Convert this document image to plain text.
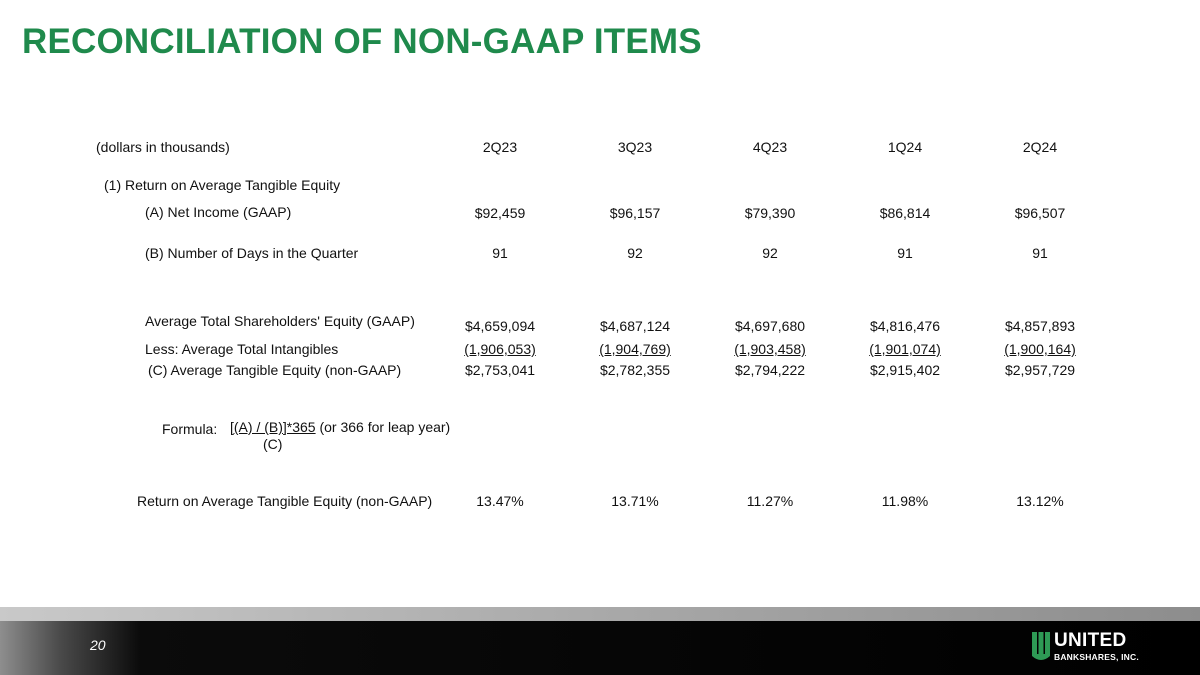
RECONCILIATION OF NON-GAAP ITEMS
(dollars in thousands)	2Q23	3Q23	4Q23	1Q24	2Q24
(1) Return on Average Tangible Equity
(A) Net Income (GAAP)	$92,459	$96,157	$79,390	$86,814	$96,507
(B) Number of Days in the Quarter	91	92	92	91	91
Average Total Shareholders' Equity (GAAP)	$4,659,094	$4,687,124	$4,697,680	$4,816,476	$4,857,893
Less: Average Total Intangibles	(1,906,053)	(1,904,769)	(1,903,458)	(1,901,074)	(1,900,164)
(C) Average Tangible Equity (non-GAAP)	$2,753,041	$2,782,355	$2,794,222	$2,915,402	$2,957,729
Formula: [(A) / (B)]*365 (or 366 for leap year)
(C)
Return on Average Tangible Equity (non-GAAP)	13.47%	13.71%	11.27%	11.98%	13.12%
20	UNITED
BANKSHARES, INC.
